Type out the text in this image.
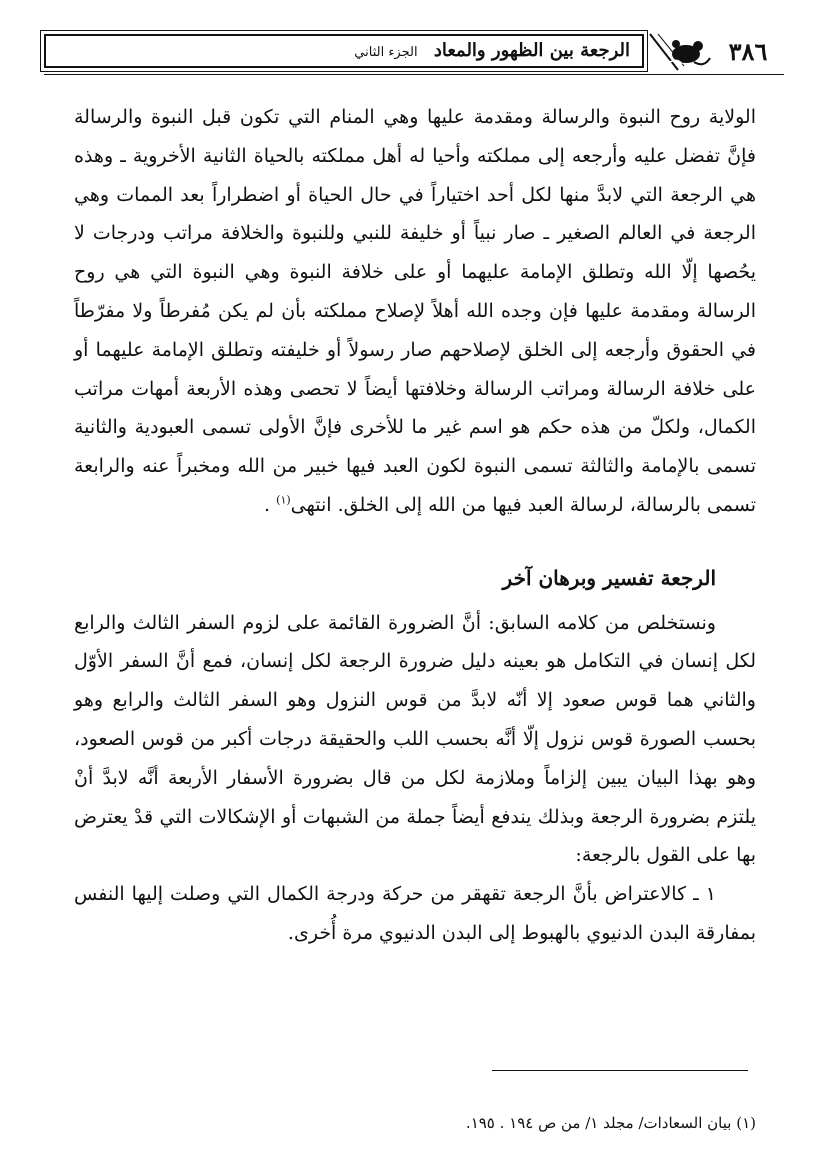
الرجعة بين الظهور والمعاد الجزء الثاني	٣٨٦

الولاية روح النبوة والرسالة ومقدمة عليها وهي المنام التي تكون قبل النبوة والرسالة فإنَّ تفضل عليه وأرجعه إلى مملكته وأحيا له أهل مملكته بالحياة الثانية الأخروية ـ وهذه هي الرجعة التي لابدَّ منها لكل أحد اختياراً في حال الحياة أو اضطراراً بعد الممات وهي الرجعة في العالم الصغير ـ صار نبياً أو خليفة للنبي وللنبوة والخلافة مراتب ودرجات لا يحُصها إلّا الله وتطلق الإمامة عليهما أو على خلافة النبوة وهي النبوة التي هي روح الرسالة ومقدمة عليها فإن وجده الله أهلاً لإصلاح مملكته بأن لم يكن مُفرطاً ولا مفرّطاً في الحقوق وأرجعه إلى الخلق لإصلاحهم صار رسولاً أو خليفته وتطلق الإمامة عليهما أو على خلافة الرسالة ومراتب الرسالة وخلافتها أيضاً لا تحصى وهذه الأربعة أمهات مراتب الكمال، ولكلّ من هذه حكم هو اسم غير ما للأخرى فإنَّ الأولى تسمى العبودية والثانية تسمى بالإمامة والثالثة تسمى النبوة لكون العبد فيها خبير من الله ومخبراً عنه والرابعة تسمى بالرسالة، لرسالة العبد فيها من الله إلى الخلق. انتهى$^{(١)}$ .

الرجعة تفسير وبرهان آخر

ونستخلص من كلامه السابق: أنَّ الضرورة القائمة على لزوم السفر الثالث والرابع لكل إنسان في التكامل هو بعينه دليل ضرورة الرجعة لكل إنسان، فمع أنَّ السفر الأوّل والثاني هما قوس صعود إلا أنّه لابدَّ من قوس النزول وهو السفر الثالث والرابع وهو بحسب الصورة قوس نزول إلّا أنَّه بحسب اللب والحقيقة درجات أكبر من قوس الصعود، وهو بهذا البيان يبين إلزاماً وملازمة لكل من قال بضرورة الأسفار الأربعة أنَّه لابدَّ أنْ يلتزم بضرورة الرجعة وبذلك يندفع أيضاً جملة من الشبهات أو الإشكالات التي قدْ يعترض بها على القول بالرجعة:

١ ـ كالاعتراض بأنَّ الرجعة تقهقر من حركة ودرجة الكمال التي وصلت إليها النفس بمفارقة البدن الدنيوي بالهبوط إلى البدن الدنيوي مرة أُخرى.

(١) بيان السعادات/ مجلد ١/ من ص ١٩٤ . ١٩٥.
